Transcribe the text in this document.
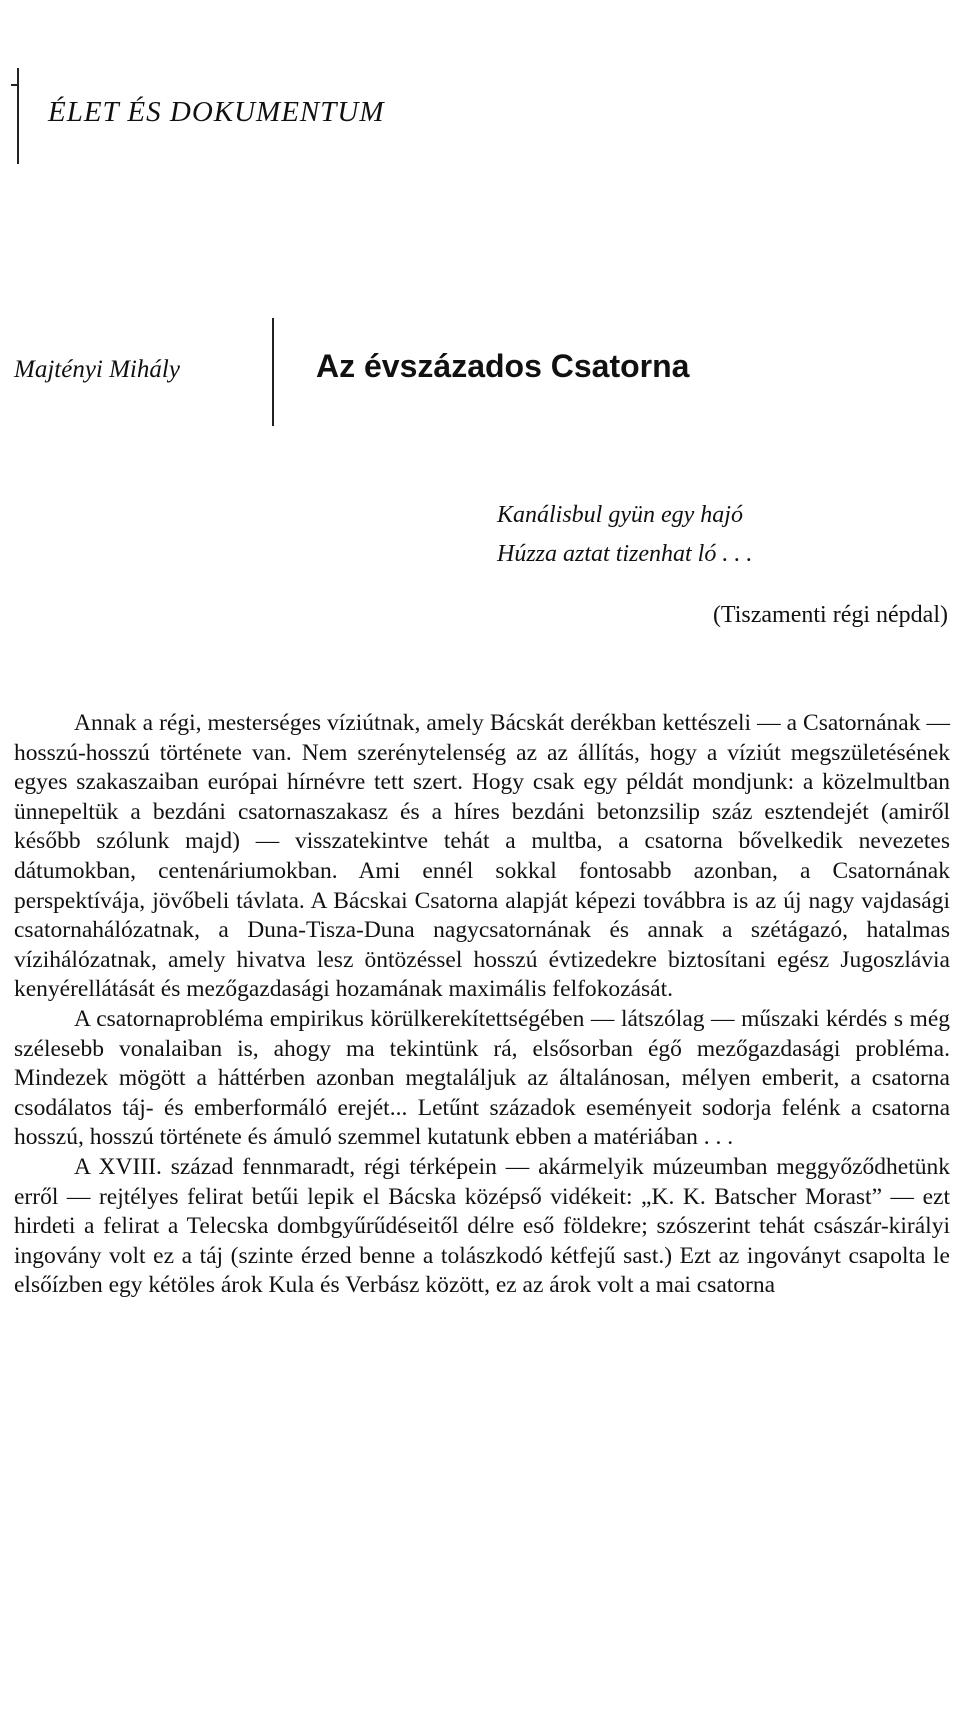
ÉLET ÉS DOKUMENTUM
Majtényi Mihály	Az évszázados Csatorna
Kanálisbul gyün egy hajó
Húzza aztat tizenhat ló . . .
(Tiszamenti régi népdal)

Annak a régi, mesterséges víziútnak, amely Bácskát derékban kettészeli — a Csatornának — hosszú-hosszú története van. Nem szerénytelenség az az állítás, hogy a víziút megszületésének egyes szakaszaiban európai hírnévre tett szert. Hogy csak egy példát mondjunk: a közelmultban ünnepeltük a bezdáni csatornaszakasz és a híres bezdáni betonzsilip száz esztendejét (amiről később szólunk majd) — visszatekintve tehát a multba, a csatorna bővelkedik nevezetes dátumokban, centenáriumokban. Ami ennél sokkal fontosabb azonban, a Csatornának perspektívája, jövőbeli távlata. A Bácskai Csatorna alapját képezi továbbra is az új nagy vajdasági csatornahálózatnak, a Duna-Tisza-Duna nagycsatornának és annak a szétágazó, hatalmas vízihálózatnak, amely hivatva lesz öntözéssel hosszú évtizedekre biztosítani egész Jugoszlávia kenyérellátását és mezőgazdasági hozamának maximális felfokozását.

A csatornaprobléma empirikus körülkerekítettségében — látszólag — műszaki kérdés s még szélesebb vonalaiban is, ahogy ma tekintünk rá, elsősorban égő mezőgazdasági probléma. Mindezek mögött a háttérben azonban megtaláljuk az általánosan, mélyen emberit, a csatorna csodálatos táj- és emberformáló erejét... Letűnt századok eseményeit sodorja felénk a csatorna hosszú, hosszú története és ámuló szemmel kutatunk ebben a matériában . . .

A XVIII. század fennmaradt, régi térképein — akármelyik múzeumban meggyőződhetünk erről — rejtélyes felirat betűi lepik el Bácska középső vidékeit: „K. K. Batscher Morast” — ezt hirdeti a felirat a Telecska dombgyűrűdéseitől délre eső földekre; szószerint tehát császár-királyi ingovány volt ez a táj (szinte érzed benne a tolászkodó kétfejű sast.) Ezt az ingoványt csapolta le elsőízben egy kétöles árok Kula és Verbász között, ez az árok volt a mai csatorna
